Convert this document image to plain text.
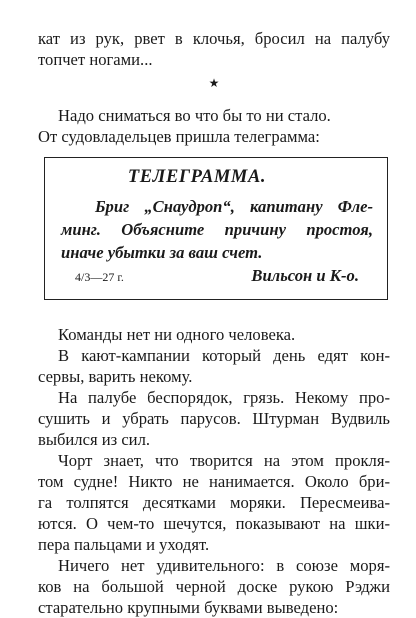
кат из рук, рвет в клочья, бросил на палубу
топчет ногами...
★
Надо сниматься во что бы то ни стало.
От судовладельцев пришла телеграмма:
ТЕЛЕГРАММА.
Бриг „Снаудроп“, капитану Фле-
минг. Объясните причину простоя,
иначе убытки за ваш счет.
4/3—27 г.	Вильсон и К-о.
Команды нет ни одного человека.
В кают-кампании который день едят кон-
сервы, варить некому.
На палубе беспорядок, грязь. Некому про-
сушить и убрать парусов. Штурман Вудвиль
выбился из сил.
Чорт знает, что творится на этом прокля-
том судне! Никто не нанимается. Около бри-
га толпятся десятками моряки. Пересмеива-
ются. О чем-то шечутся, показывают на шки-
пера пальцами и уходят.
Ничего нет удивительного: в союзе моря-
ков на большой черной доске рукою Рэджи
старательно крупными буквами выведено:
